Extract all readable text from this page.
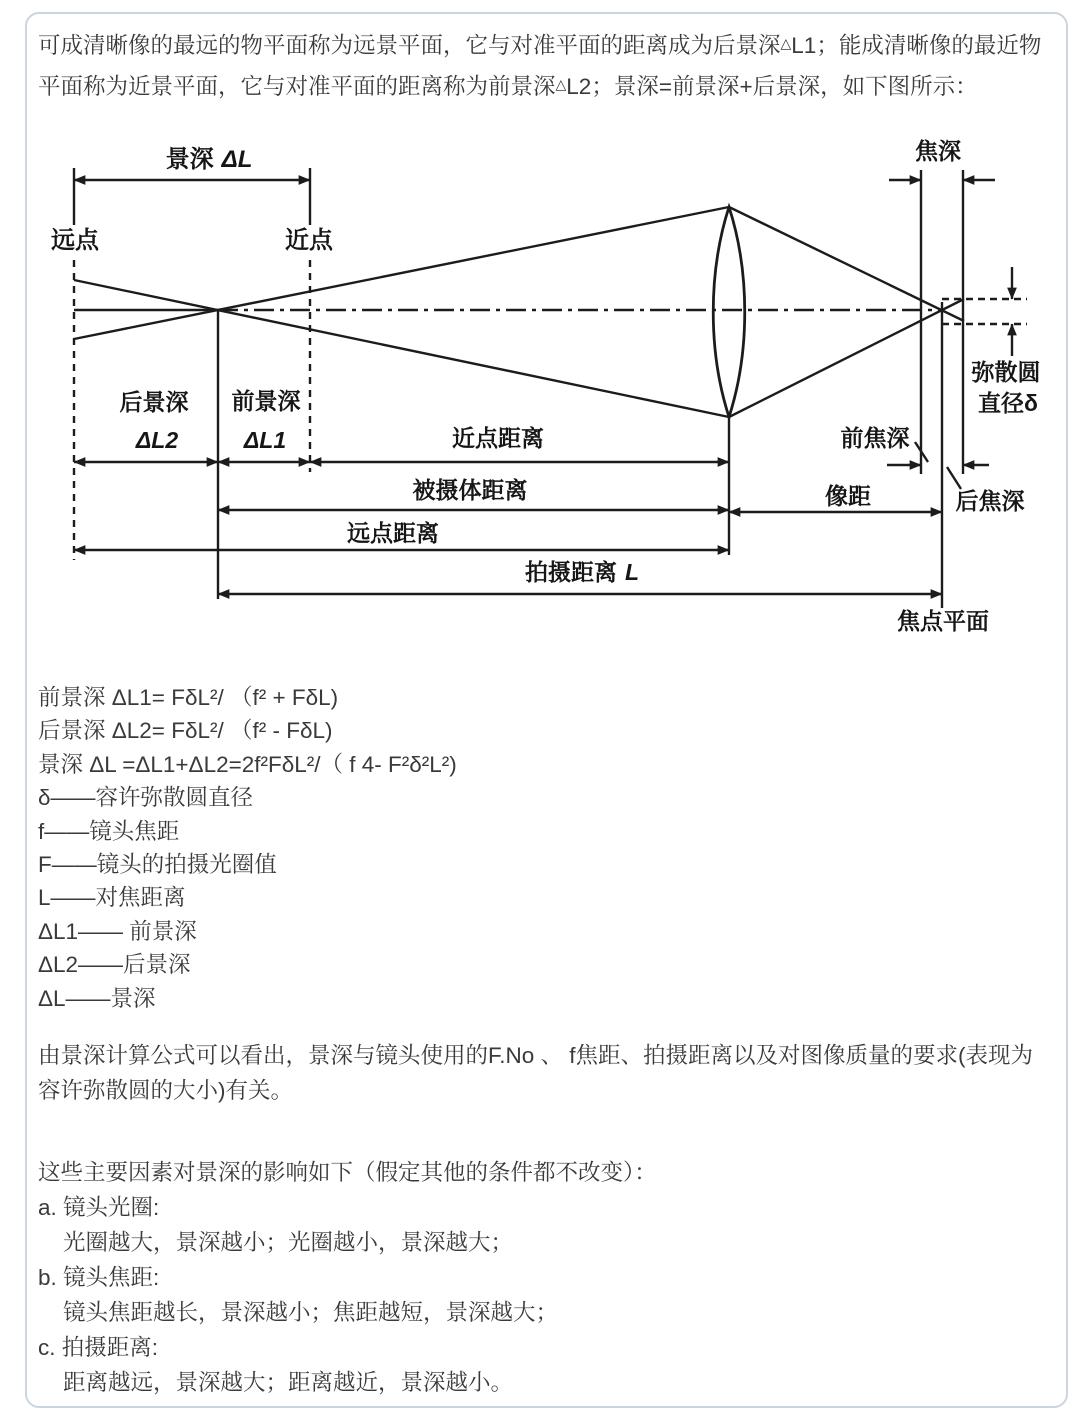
可成清晰像的最远的物平面称为远景平面，它与对准平面的距离成为后景深△L1；能成清晰像的最近物平面称为近景平面，它与对准平面的距离称为前景深△L2；景深=前景深+后景深，如下图所示：

景深 ΔL
远点	近点
焦深
弥散圆
直径δ
后景深
ΔL2
前景深
ΔL1	近点距离
被摄体距离
远点距离
拍摄距离 L
前焦深
像距	后焦深
焦点平面
前景深 ΔL1= FδL²/ （f² + FδL)
后景深 ΔL2= FδL²/ （f² - FδL)
景深 ΔL =ΔL1+ΔL2=2f²FδL²/（ f 4- F²δ²L²)
δ——容许弥散圆直径
f——镜头焦距
F——镜头的拍摄光圈值
L——对焦距离
ΔL1—— 前景深
ΔL2——后景深
ΔL——景深

由景深计算公式可以看出，景深与镜头使用的F.No 、 f焦距、拍摄距离以及对图像质量的要求(表现为容许弥散圆的大小)有关。

这些主要因素对景深的影响如下（假定其他的条件都不改变）：
a. 镜头光圈:
光圈越大，景深越小；光圈越小，景深越大；
b. 镜头焦距:
镜头焦距越长，景深越小；焦距越短，景深越大；
c. 拍摄距离:
距离越远，景深越大；距离越近，景深越小。
